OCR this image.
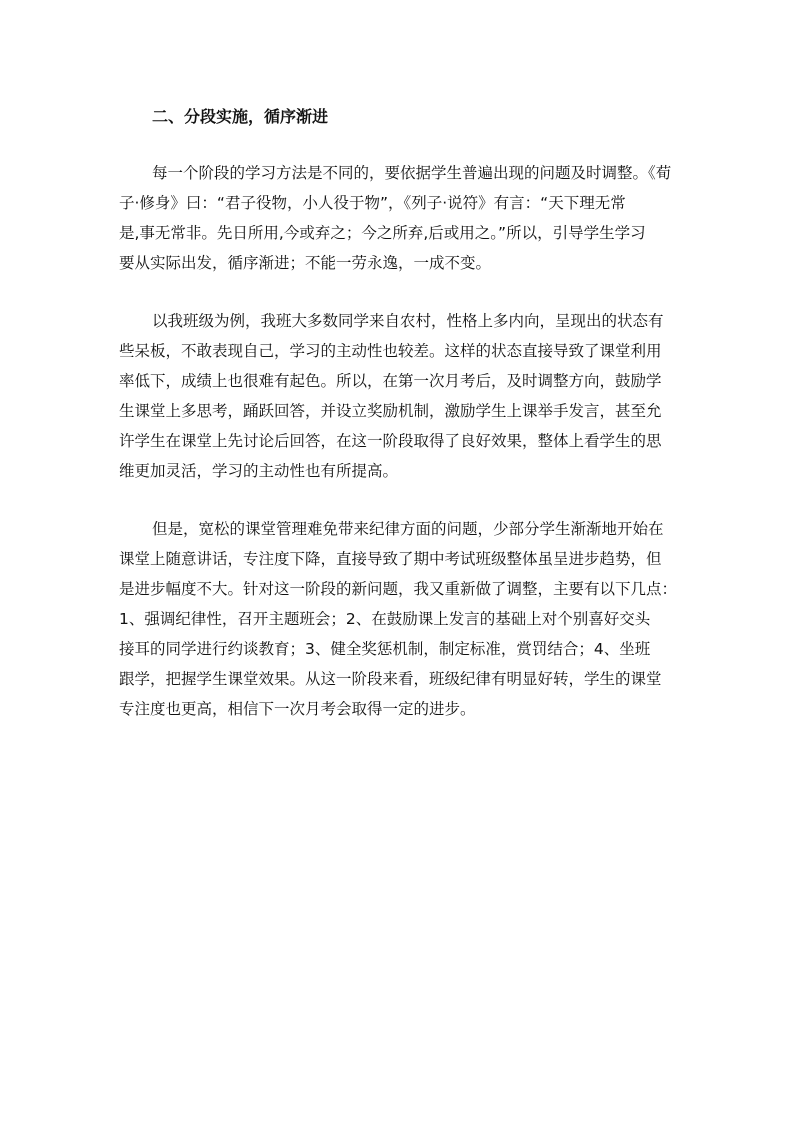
二、分段实施，循序渐进
每一个阶段的学习方法是不同的，要依据学生普遍出现的问题及时调整。《荀
子·修身》曰：“君子役物，小人役于物”，《列子·说符》有言：“天下理无常
是,事无常非。先日所用,今或弃之；今之所弃,后或用之。”所以，引导学生学习
要从实际出发，循序渐进；不能一劳永逸，一成不变。
以我班级为例，我班大多数同学来自农村，性格上多内向，呈现出的状态有
些呆板，不敢表现自己，学习的主动性也较差。这样的状态直接导致了课堂利用
率低下，成绩上也很难有起色。所以，在第一次月考后，及时调整方向，鼓励学
生课堂上多思考，踊跃回答，并设立奖励机制，激励学生上课举手发言，甚至允
许学生在课堂上先讨论后回答，在这一阶段取得了良好效果，整体上看学生的思
维更加灵活，学习的主动性也有所提高。
但是，宽松的课堂管理难免带来纪律方面的问题，少部分学生渐渐地开始在
课堂上随意讲话，专注度下降，直接导致了期中考试班级整体虽呈进步趋势，但
是进步幅度不大。针对这一阶段的新问题，我又重新做了调整，主要有以下几点：
1、强调纪律性，召开主题班会；2、在鼓励课上发言的基础上对个别喜好交头
接耳的同学进行约谈教育；3、健全奖惩机制，制定标准，赏罚结合；4、坐班
跟学，把握学生课堂效果。从这一阶段来看，班级纪律有明显好转，学生的课堂
专注度也更高，相信下一次月考会取得一定的进步。
